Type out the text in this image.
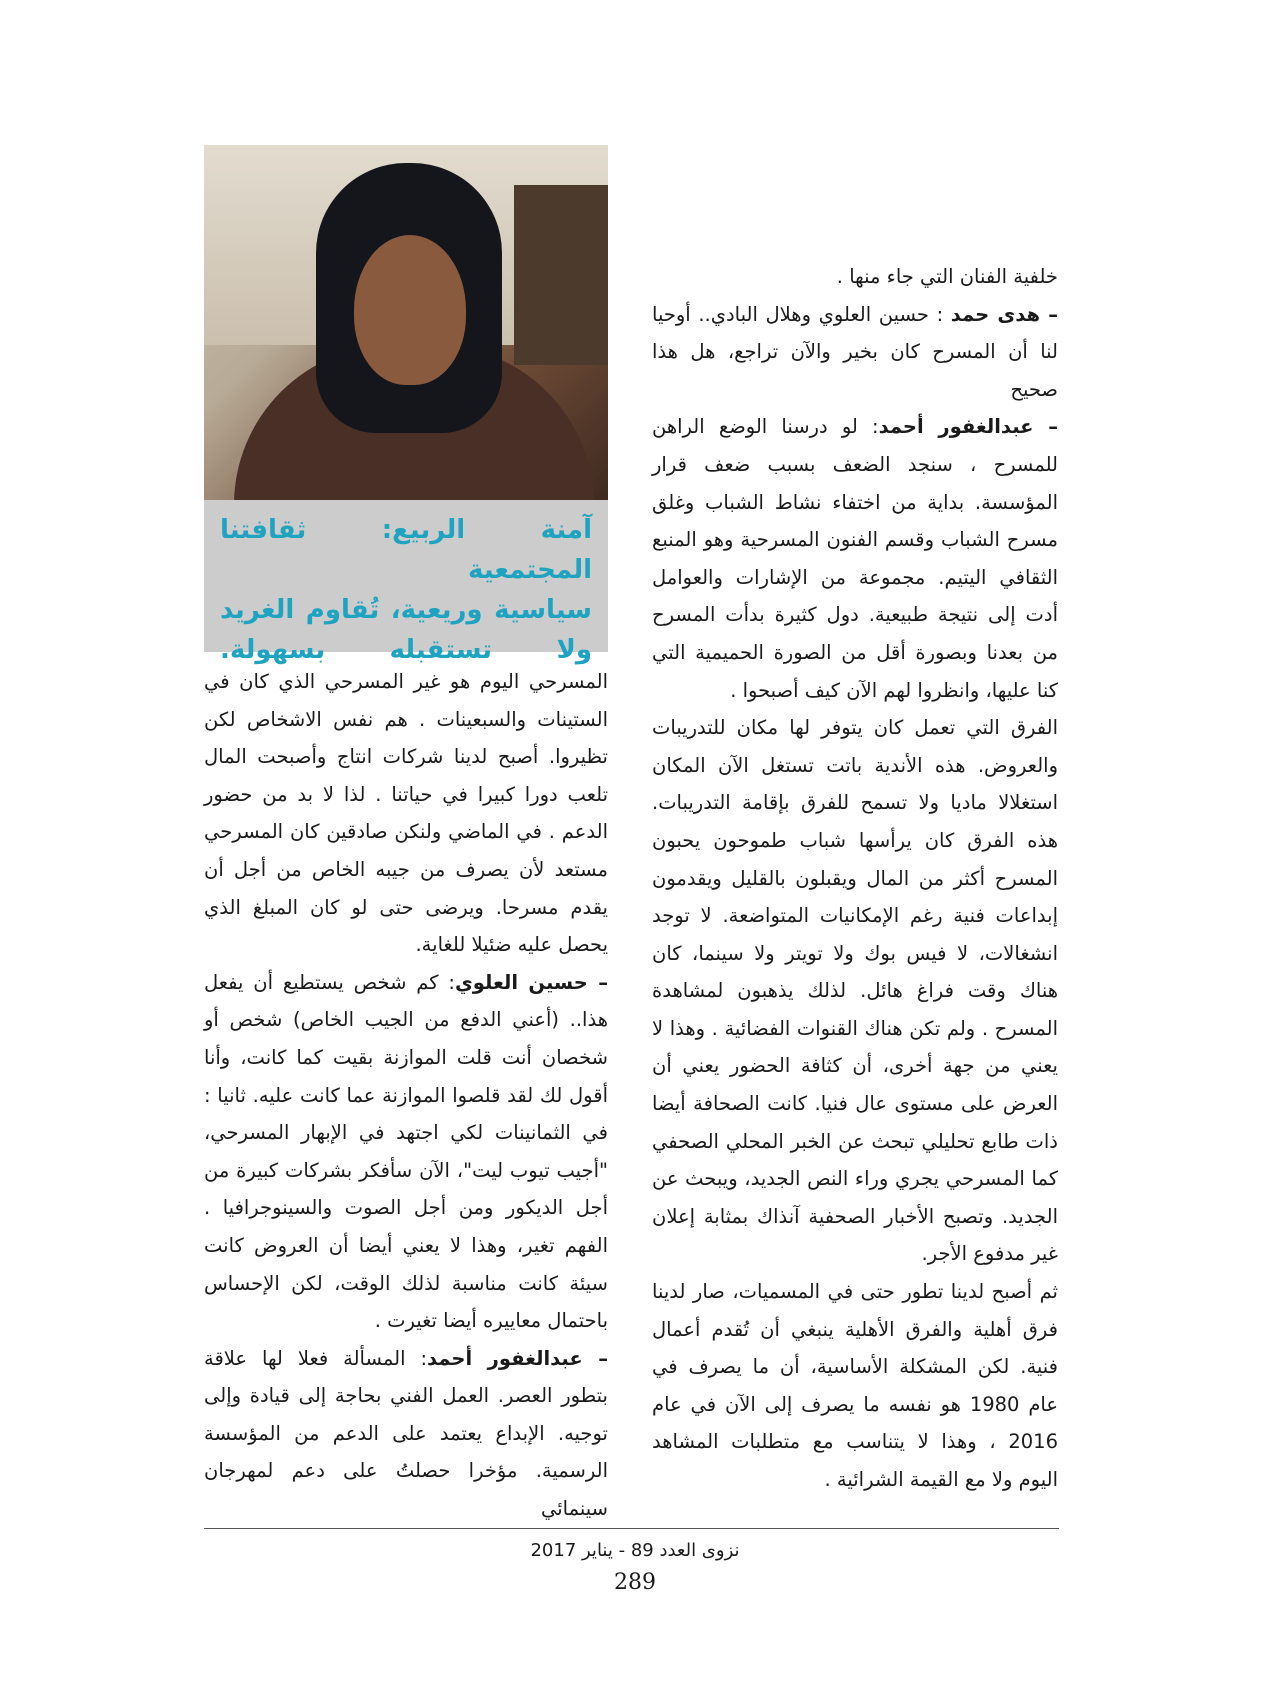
آمنة الربيع: ثقافتنا المجتمعية

سياسية وريعية، تُقاوم الغريد

ولا تستقبله بسهولة.

خلفية الفنان التي جاء منها .

– هدى حمد : حسين العلوي وهلال البادي.. أوحيا لنا أن المسرح كان بخير والآن تراجع، هل هذا صحيح

– عبدالغفور أحمد: لو درسنا الوضع الراهن للمسرح ، سنجد الضعف بسبب ضعف قرار المؤسسة. بداية من اختفاء نشاط الشباب وغلق مسرح الشباب وقسم الفنون المسرحية وهو المنبع الثقافي اليتيم. مجموعة من الإشارات والعوامل أدت إلى نتيجة طبيعية. دول كثيرة بدأت المسرح من بعدنا وبصورة أقل من الصورة الحميمية التي كنا عليها، وانظروا لهم الآن كيف أصبحوا .

الفرق التي تعمل كان يتوفر لها مكان للتدريبات والعروض. هذه الأندية باتت تستغل الآن المكان استغلالا ماديا ولا تسمح للفرق بإقامة التدريبات. هذه الفرق كان يرأسها شباب طموحون يحبون المسرح أكثر من المال ويقبلون بالقليل ويقدمون إبداعات فنية رغم الإمكانيات المتواضعة. لا توجد انشغالات، لا فيس بوك ولا تويتر ولا سينما، كان هناك وقت فراغ هائل. لذلك يذهبون لمشاهدة المسرح . ولم تكن هناك القنوات الفضائية . وهذا لا يعني من جهة أخرى، أن كثافة الحضور يعني أن العرض على مستوى عال فنيا. كانت الصحافة أيضا ذات طابع تحليلي تبحث عن الخبر المحلي الصحفي كما المسرحي يجري وراء النص الجديد، ويبحث عن الجديد. وتصبح الأخبار الصحفية آنذاك بمثابة إعلان غير مدفوع الأجر.

ثم أصبح لدينا تطور حتى في المسميات، صار لدينا فرق أهلية والفرق الأهلية ينبغي أن تُقدم أعمال فنية. لكن المشكلة الأساسية، أن ما يصرف في عام 1980 هو نفسه ما يصرف إلى الآن في عام 2016 ، وهذا لا يتناسب مع متطلبات المشاهد اليوم ولا مع القيمة الشرائية .

المسرحي اليوم هو غير المسرحي الذي كان في الستينات والسبعينات . هم نفس الاشخاص لكن تظيروا. أصبح لدينا شركات انتاج وأصبحت المال تلعب دورا كبيرا في حياتنا . لذا لا بد من حضور الدعم . في الماضي ولنكن صادقين كان المسرحي مستعد لأن يصرف من جيبه الخاص من أجل أن يقدم مسرحا. ويرضى حتى لو كان المبلغ الذي يحصل عليه ضئيلا للغاية.

– حسين العلوي: كم شخص يستطيع أن يفعل هذا.. (أعني الدفع من الجيب الخاص) شخص أو شخصان أنت قلت الموازنة بقيت كما كانت، وأنا أقول لك لقد قلصوا الموازنة عما كانت عليه. ثانيا : في الثمانينات لكي اجتهد في الإبهار المسرحي، "أجيب تيوب ليت"، الآن سأفكر بشركات كبيرة من أجل الديكور ومن أجل الصوت والسينوجرافيا . الفهم تغير، وهذا لا يعني أيضا أن العروض كانت سيئة كانت مناسبة لذلك الوقت، لكن الإحساس باحتمال معاييره أيضا تغيرت .

– عبدالغفور أحمد: المسألة فعلا لها علاقة بتطور العصر. العمل الفني بحاجة إلى قيادة وإلى توجيه. الإبداع يعتمد على الدعم من المؤسسة الرسمية. مؤخرا حصلتُ على دعم لمهرجان سينمائي

نزوى العدد 89 - يناير 2017
289
